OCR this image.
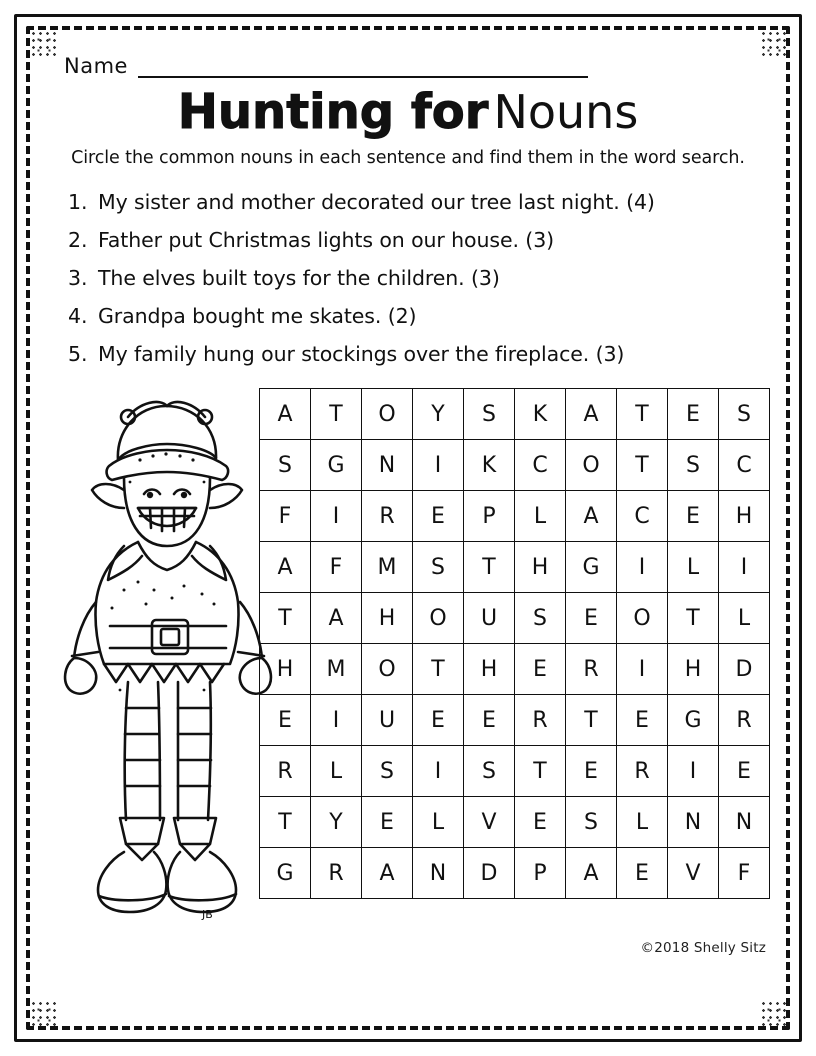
Name
Hunting for Nouns
Circle the common nouns in each sentence and find them in the word search.
1. My sister and mother decorated our tree last night. (4)
2. Father put Christmas lights on our house. (3)
3. The elves built toys for the children. (3)
4. Grandpa bought me skates. (2)
5. My family hung our stockings over the fireplace. (3)
JB
A	T	O	Y	S	K	A	T	E	S
S	G	N	I	K	C	O	T	S	C
F	I	R	E	P	L	A	C	E	H
A	F	M	S	T	H	G	I	L	I
T	A	H	O	U	S	E	O	T	L
H	M	O	T	H	E	R	I	H	D
E	I	U	E	E	R	T	E	G	R
R	L	S	I	S	T	E	R	I	E
T	Y	E	L	V	E	S	L	N	N
G	R	A	N	D	P	A	E	V	F
©2018 Shelly Sitz
